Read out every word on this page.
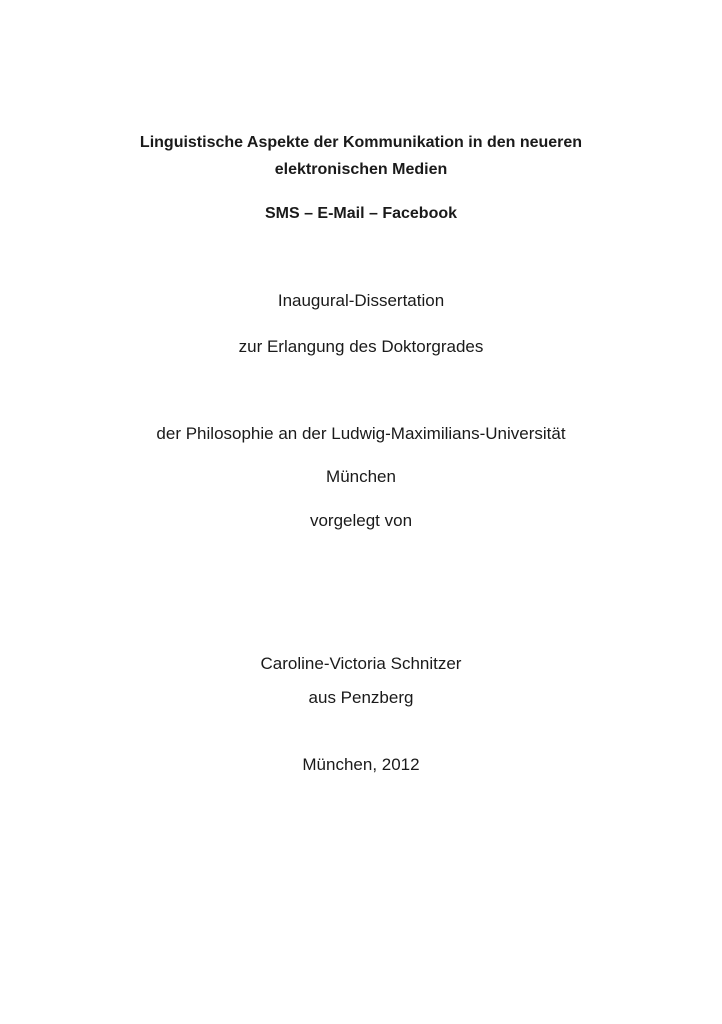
Linguistische Aspekte der Kommunikation in den neueren
elektronischen Medien
SMS – E-Mail – Facebook
Inaugural-Dissertation
zur Erlangung des Doktorgrades
der Philosophie an der Ludwig-Maximilians-Universität
München
vorgelegt von
Caroline-Victoria Schnitzer
aus Penzberg
München, 2012
